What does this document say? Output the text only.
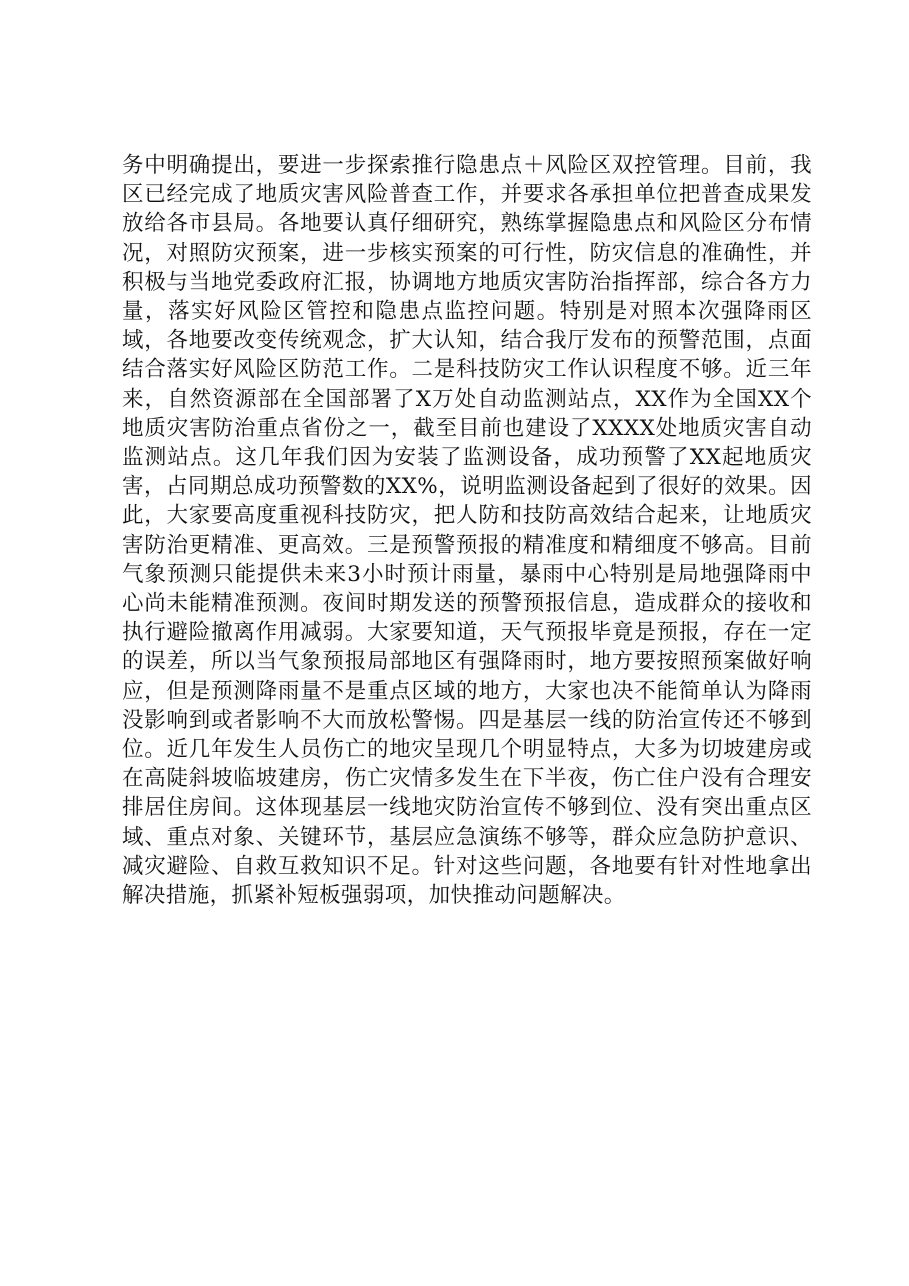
务中明确提出，要进一步探索推行隐患点＋风险区双控管理。目前，我区已经完成了地质灾害风险普查工作，并要求各承担单位把普查成果发放给各市县局。各地要认真仔细研究，熟练掌握隐患点和风险区分布情况，对照防灾预案，进一步核实预案的可行性，防灾信息的准确性，并积极与当地党委政府汇报，协调地方地质灾害防治指挥部，综合各方力量，落实好风险区管控和隐患点监控问题。特别是对照本次强降雨区域，各地要改变传统观念，扩大认知，结合我厅发布的预警范围，点面结合落实好风险区防范工作。二是科技防灾工作认识程度不够。近三年来，自然资源部在全国部署了X万处自动监测站点，XX作为全国XX个地质灾害防治重点省份之一，截至目前也建设了XXXX处地质灾害自动监测站点。这几年我们因为安装了监测设备，成功预警了XX起地质灾害，占同期总成功预警数的XX%，说明监测设备起到了很好的效果。因此，大家要高度重视科技防灾，把人防和技防高效结合起来，让地质灾害防治更精准、更高效。三是预警预报的精准度和精细度不够高。目前气象预测只能提供未来3小时预计雨量，暴雨中心特别是局地强降雨中心尚未能精准预测。夜间时期发送的预警预报信息，造成群众的接收和执行避险撤离作用减弱。大家要知道，天气预报毕竟是预报，存在一定的误差，所以当气象预报局部地区有强降雨时，地方要按照预案做好响应，但是预测降雨量不是重点区域的地方，大家也决不能简单认为降雨没影响到或者影响不大而放松警惕。四是基层一线的防治宣传还不够到位。近几年发生人员伤亡的地灾呈现几个明显特点，大多为切坡建房或在高陡斜坡临坡建房，伤亡灾情多发生在下半夜，伤亡住户没有合理安排居住房间。这体现基层一线地灾防治宣传不够到位、没有突出重点区域、重点对象、关键环节，基层应急演练不够等，群众应急防护意识、减灾避险、自救互救知识不足。针对这些问题，各地要有针对性地拿出解决措施，抓紧补短板强弱项，加快推动问题解决。
